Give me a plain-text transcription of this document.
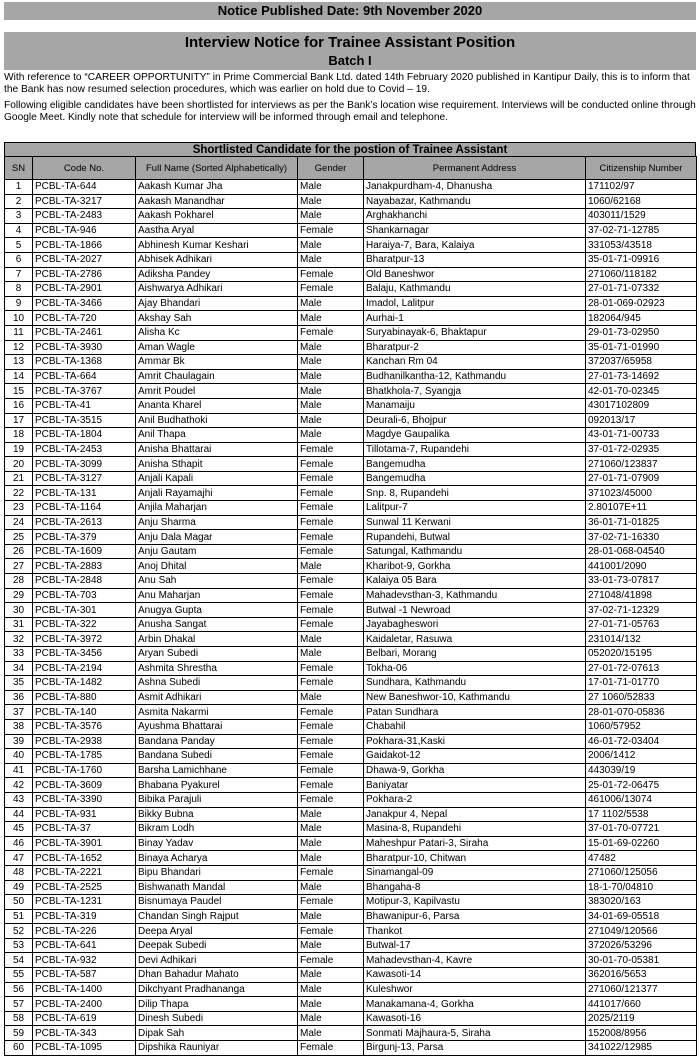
Notice Published Date: 9th November 2020
Interview Notice for Trainee Assistant Position
Batch I
With reference to “CAREER OPPORTUNITY” in Prime Commercial Bank Ltd. dated 14th February 2020 published in Kantipur Daily, this is to inform that the Bank has now resumed selection procedures, which was earlier on hold due to Covid – 19.
Following eligible candidates have been shortlisted for interviews as per the Bank’s location wise requirement. Interviews will be conducted online through Google Meet. Kindly note that schedule for interview will be informed through email and telephone.
Shortlisted Candidate for the postion of Trainee Assistant
SN	Code No.	Full Name (Sorted Alphabetically)	Gender	Permanent Address	Citizenship Number
1	PCBL-TA-644	Aakash Kumar Jha	Male	Janakpurdham-4, Dhanusha	171102/97
2	PCBL-TA-3217	Aakash Manandhar	Male	Nayabazar, Kathmandu	1060/62168
3	PCBL-TA-2483	Aakash Pokharel	Male	Arghakhanchi	403011/1529
4	PCBL-TA-946	Aastha Aryal	Female	Shankarnagar	37-02-71-12785
5	PCBL-TA-1866	Abhinesh Kumar Keshari	Male	Haraiya-7, Bara, Kalaiya	331053/43518
6	PCBL-TA-2027	Abhisek Adhikari	Male	Bharatpur-13	35-01-71-09916
7	PCBL-TA-2786	Adiksha Pandey	Female	Old Baneshwor	271060/118182
8	PCBL-TA-2901	Aishwarya Adhikari	Female	Balaju, Kathmandu	27-01-71-07332
9	PCBL-TA-3466	Ajay Bhandari	Male	Imadol, Lalitpur	28-01-069-02923
10	PCBL-TA-720	Akshay Sah	Male	Aurhai-1	182064/945
11	PCBL-TA-2461	Alisha Kc	Female	Suryabinayak-6, Bhaktapur	29-01-73-02950
12	PCBL-TA-3930	Aman Wagle	Male	Bharatpur-2	35-01-71-01990
13	PCBL-TA-1368	Ammar Bk	Male	Kanchan Rm 04	372037/65958
14	PCBL-TA-664	Amrit Chaulagain	Male	Budhanilkantha-12, Kathmandu	27-01-73-14692
15	PCBL-TA-3767	Amrit Poudel	Male	Bhatkhola-7, Syangja	42-01-70-02345
16	PCBL-TA-41	Ananta Kharel	Male	Manamaiju	43017102809
17	PCBL-TA-3515	Anil Budhathoki	Male	Deurali-6, Bhojpur	092013/17
18	PCBL-TA-1804	Anil Thapa	Male	Magdye Gaupalika	43-01-71-00733
19	PCBL-TA-2453	Anisha Bhattarai	Female	Tillotama-7, Rupandehi	37-01-72-02935
20	PCBL-TA-3099	Anisha Sthapit	Female	Bangemudha	271060/123837
21	PCBL-TA-3127	Anjali Kapali	Female	Bangemudha	27-01-71-07909
22	PCBL-TA-131	Anjali Rayamajhi	Female	Snp. 8, Rupandehi	371023/45000
23	PCBL-TA-1164	Anjila Maharjan	Female	Lalitpur-7	2.80107E+11
24	PCBL-TA-2613	Anju Sharma	Female	Sunwal 11 Kerwani	36-01-71-01825
25	PCBL-TA-379	Anju Dala Magar	Female	Rupandehi, Butwal	37-02-71-16330
26	PCBL-TA-1609	Anju Gautam	Female	Satungal, Kathmandu	28-01-068-04540
27	PCBL-TA-2883	Anoj Dhital	Male	Kharibot-9, Gorkha	441001/2090
28	PCBL-TA-2848	Anu Sah	Female	Kalaiya 05 Bara	33-01-73-07817
29	PCBL-TA-703	Anu Maharjan	Female	Mahadevsthan-3, Kathmandu	271048/41898
30	PCBL-TA-301	Anugya Gupta	Female	Butwal -1 Newroad	37-02-71-12329
31	PCBL-TA-322	Anusha Sangat	Female	Jayabagheswori	27-01-71-05763
32	PCBL-TA-3972	Arbin Dhakal	Male	Kaidaletar, Rasuwa	231014/132
33	PCBL-TA-3456	Aryan Subedi	Male	Belbari, Morang	052020/15195
34	PCBL-TA-2194	Ashmita Shrestha	Female	Tokha-06	27-01-72-07613
35	PCBL-TA-1482	Ashna Subedi	Female	Sundhara, Kathmandu	17-01-71-01770
36	PCBL-TA-880	Asmit Adhikari	Male	New Baneshwor-10, Kathmandu	27 1060/52833
37	PCBL-TA-140	Asmita Nakarmi	Female	Patan Sundhara	28-01-070-05836
38	PCBL-TA-3576	Ayushma Bhattarai	Female	Chabahil	1060/57952
39	PCBL-TA-2938	Bandana Panday	Female	Pokhara-31,Kaski	46-01-72-03404
40	PCBL-TA-1785	Bandana Subedi	Female	Gaidakot-12	2006/1412
41	PCBL-TA-1760	Barsha Lamichhane	Female	Dhawa-9, Gorkha	443039/19
42	PCBL-TA-3609	Bhabana Pyakurel	Female	Baniyatar	25-01-72-06475
43	PCBL-TA-3390	Bibika Parajuli	Female	Pokhara-2	461006/13074
44	PCBL-TA-931	Bikky Bubna	Male	Janakpur 4, Nepal	17 1102/5538
45	PCBL-TA-37	Bikram Lodh	Male	Masina-8, Rupandehi	37-01-70-07721
46	PCBL-TA-3901	Binay Yadav	Male	Maheshpur Patari-3, Siraha	15-01-69-02260
47	PCBL-TA-1652	Binaya Acharya	Male	Bharatpur-10, Chitwan	47482
48	PCBL-TA-2221	Bipu Bhandari	Female	Sinamangal-09	271060/125056
49	PCBL-TA-2525	Bishwanath Mandal	Male	Bhangaha-8	18-1-70/04810
50	PCBL-TA-1231	Bisnumaya Paudel	Female	Motipur-3, Kapilvastu	383020/163
51	PCBL-TA-319	Chandan Singh Rajput	Male	Bhawanipur-6, Parsa	34-01-69-05518
52	PCBL-TA-226	Deepa Aryal	Female	Thankot	271049/120566
53	PCBL-TA-641	Deepak Subedi	Male	Butwal-17	372026/53296
54	PCBL-TA-932	Devi Adhikari	Female	Mahadevsthan-4, Kavre	30-01-70-05381
55	PCBL-TA-587	Dhan Bahadur Mahato	Male	Kawasoti-14	362016/5653
56	PCBL-TA-1400	Dikchyant Pradhananga	Male	Kuleshwor	271060/121377
57	PCBL-TA-2400	Dilip Thapa	Male	Manakamana-4, Gorkha	441017/660
58	PCBL-TA-619	Dinesh Subedi	Male	Kawasoti-16	2025/2119
59	PCBL-TA-343	Dipak Sah	Male	Sonmati Majhaura-5, Siraha	152008/8956
60	PCBL-TA-1095	Dipshika Rauniyar	Female	Birgunj-13, Parsa	341022/12985
